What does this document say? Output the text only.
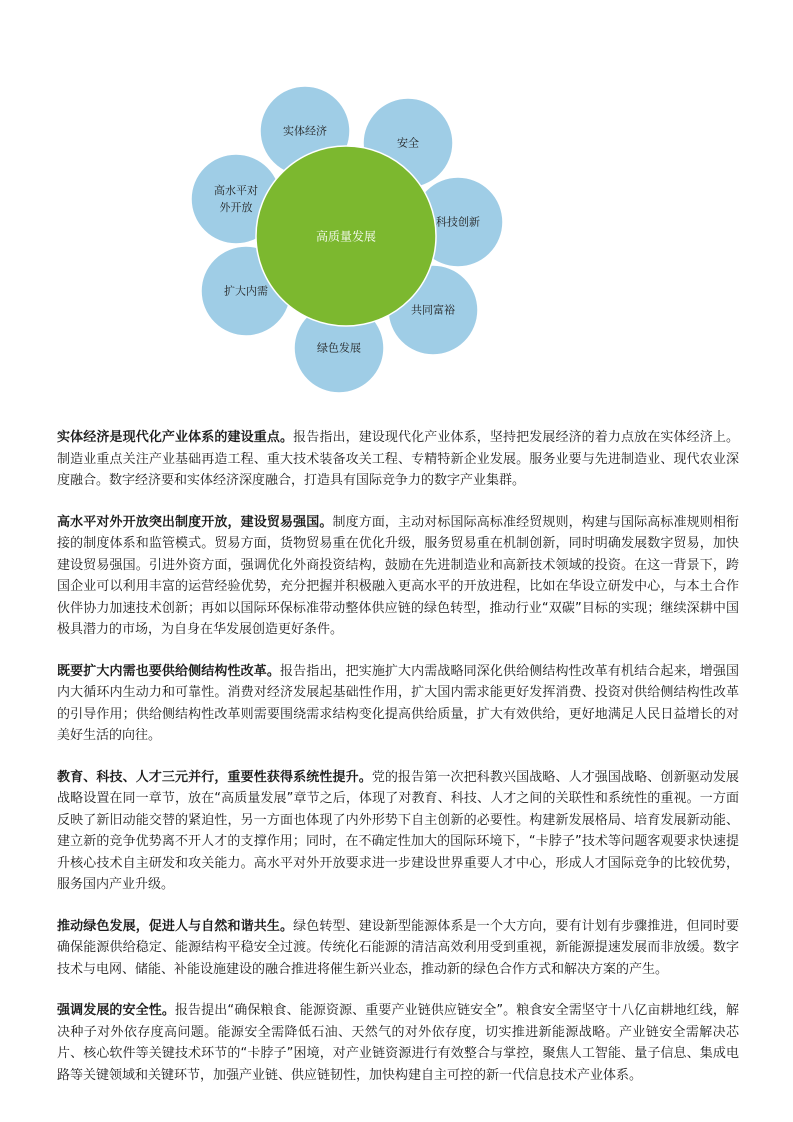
实体经济
安全
科技创新
共同富裕
绿色发展
扩大内需
高水平对
外开放
高质量发展

实体经济是现代化产业体系的建设重点。报告指出，建设现代化产业体系，坚持把发展经济的着力点放在实体经济上。制造业重点关注产业基础再造工程、重大技术装备攻关工程、专精特新企业发展。服务业要与先进制造业、现代农业深度融合。数字经济要和实体经济深度融合，打造具有国际竞争力的数字产业集群。

高水平对外开放突出制度开放，建设贸易强国。制度方面，主动对标国际高标准经贸规则，构建与国际高标准规则相衔接的制度体系和监管模式。贸易方面，货物贸易重在优化升级，服务贸易重在机制创新，同时明确发展数字贸易，加快建设贸易强国。引进外资方面，强调优化外商投资结构，鼓励在先进制造业和高新技术领域的投资。在这一背景下，跨国企业可以利用丰富的运营经验优势，充分把握并积极融入更高水平的开放进程，比如在华设立研发中心，与本土合作伙伴协力加速技术创新；再如以国际环保标准带动整体供应链的绿色转型，推动行业“双碳”目标的实现；继续深耕中国极具潜力的市场，为自身在华发展创造更好条件。

既要扩大内需也要供给侧结构性改革。报告指出，把实施扩大内需战略同深化供给侧结构性改革有机结合起来，增强国内大循环内生动力和可靠性。消费对经济发展起基础性作用，扩大国内需求能更好发挥消费、投资对供给侧结构性改革的引导作用；供给侧结构性改革则需要围绕需求结构变化提高供给质量，扩大有效供给，更好地满足人民日益增长的对美好生活的向往。

教育、科技、人才三元并行，重要性获得系统性提升。党的报告第一次把科教兴国战略、人才强国战略、创新驱动发展战略设置在同一章节，放在“高质量发展”章节之后，体现了对教育、科技、人才之间的关联性和系统性的重视。一方面反映了新旧动能交替的紧迫性，另一方面也体现了内外形势下自主创新的必要性。构建新发展格局、培育发展新动能、建立新的竞争优势离不开人才的支撑作用；同时，在不确定性加大的国际环境下，“卡脖子”技术等问题客观要求快速提升核心技术自主研发和攻关能力。高水平对外开放要求进一步建设世界重要人才中心，形成人才国际竞争的比较优势，服务国内产业升级。

推动绿色发展，促进人与自然和谐共生。绿色转型、建设新型能源体系是一个大方向，要有计划有步骤推进，但同时要确保能源供给稳定、能源结构平稳安全过渡。传统化石能源的清洁高效利用受到重视，新能源提速发展而非放缓。数字技术与电网、储能、补能设施建设的融合推进将催生新兴业态，推动新的绿色合作方式和解决方案的产生。

强调发展的安全性。报告提出“确保粮食、能源资源、重要产业链供应链安全”。粮食安全需坚守十八亿亩耕地红线，解决种子对外依存度高问题。能源安全需降低石油、天然气的对外依存度，切实推进新能源战略。产业链安全需解决芯片、核心软件等关键技术环节的“卡脖子”困境，对产业链资源进行有效整合与掌控，聚焦人工智能、量子信息、集成电路等关键领域和关键环节，加强产业链、供应链韧性，加快构建自主可控的新一代信息技术产业体系。
